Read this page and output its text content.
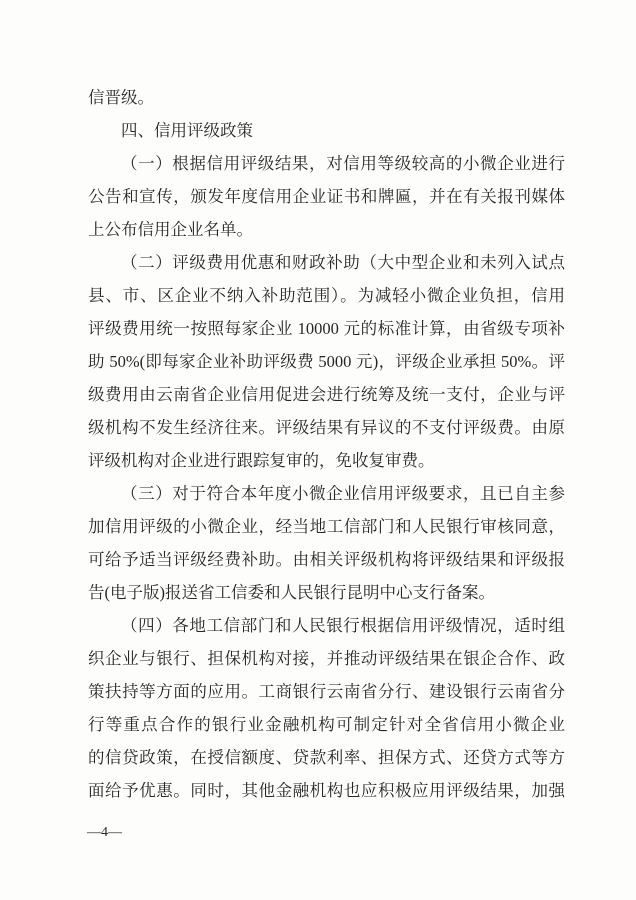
信晋级。
四、信用评级政策
（一）根据信用评级结果，对信用等级较高的小微企业进行
公告和宣传，颁发年度信用企业证书和牌匾，并在有关报刊媒体
上公布信用企业名单。
（二）评级费用优惠和财政补助（大中型企业和未列入试点
县、市、区企业不纳入补助范围）。为减轻小微企业负担，信用
评级费用统一按照每家企业 10000 元的标准计算，由省级专项补
助 50%(即每家企业补助评级费 5000 元)，评级企业承担 50%。评
级费用由云南省企业信用促进会进行统筹及统一支付，企业与评
级机构不发生经济往来。评级结果有异议的不支付评级费。由原
评级机构对企业进行跟踪复审的，免收复审费。
（三）对于符合本年度小微企业信用评级要求，且已自主参
加信用评级的小微企业，经当地工信部门和人民银行审核同意，
可给予适当评级经费补助。由相关评级机构将评级结果和评级报
告(电子版)报送省工信委和人民银行昆明中心支行备案。
（四）各地工信部门和人民银行根据信用评级情况，适时组
织企业与银行、担保机构对接，并推动评级结果在银企合作、政
策扶持等方面的应用。工商银行云南省分行、建设银行云南省分
行等重点合作的银行业金融机构可制定针对全省信用小微企业
的信贷政策，在授信额度、贷款利率、担保方式、还贷方式等方
面给予优惠。同时，其他金融机构也应积极应用评级结果，加强
—4—
